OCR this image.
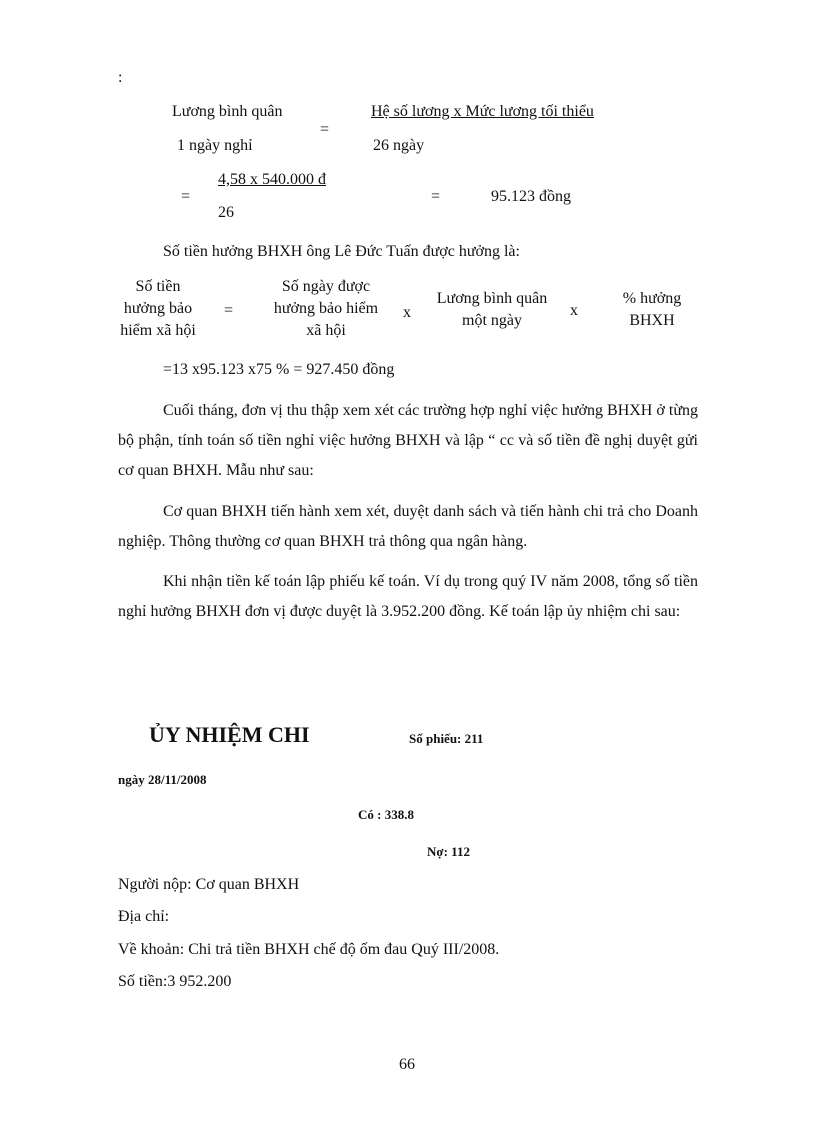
:
Lương bình quân
1 ngày nghỉ
=
Hệ số lương x Mức lương tối thiểu
26 ngày
=
4,58 x 540.000 đ
26
=	95.123 đồng
Số tiền hưởng BHXH ông Lê Đức Tuấn được hưởng là:
Số tiền
hưởng bảo
hiểm xã hội
=
Số ngày được
hưởng bảo hiểm
xã hội
x
Lương bình quân
một ngày
x
% hưởng
BHXH
=13 x95.123 x75 % = 927.450 đồng
Cuối tháng, đơn vị thu thập xem xét các trường hợp nghỉ việc hưởng BHXH ở từng bộ phận, tính toán số tiền nghỉ việc hưởng BHXH và lập “ cc và số tiền đề nghị duyệt gửi cơ quan BHXH. Mẫu như sau:
Cơ quan BHXH tiến hành xem xét, duyệt danh sách và tiến hành chi trả cho Doanh nghiệp. Thông thường cơ quan BHXH trả thông qua ngân hàng.
Khi nhận tiền kế toán lập phiếu kế toán. Ví dụ trong quý IV năm 2008, tổng số tiền nghỉ hưởng BHXH đơn vị được duyệt là 3.952.200 đồng. Kế toán lập ủy nhiệm chi sau:
ỦY NHIỆM CHI	Số phiếu: 211
ngày 28/11/2008
Có : 338.8
Nợ: 112
Người nộp: Cơ quan BHXH
Địa chỉ:
Về khoản: Chi trả tiền BHXH chế độ ốm đau Quý III/2008.
Số tiền:3 952.200
66
